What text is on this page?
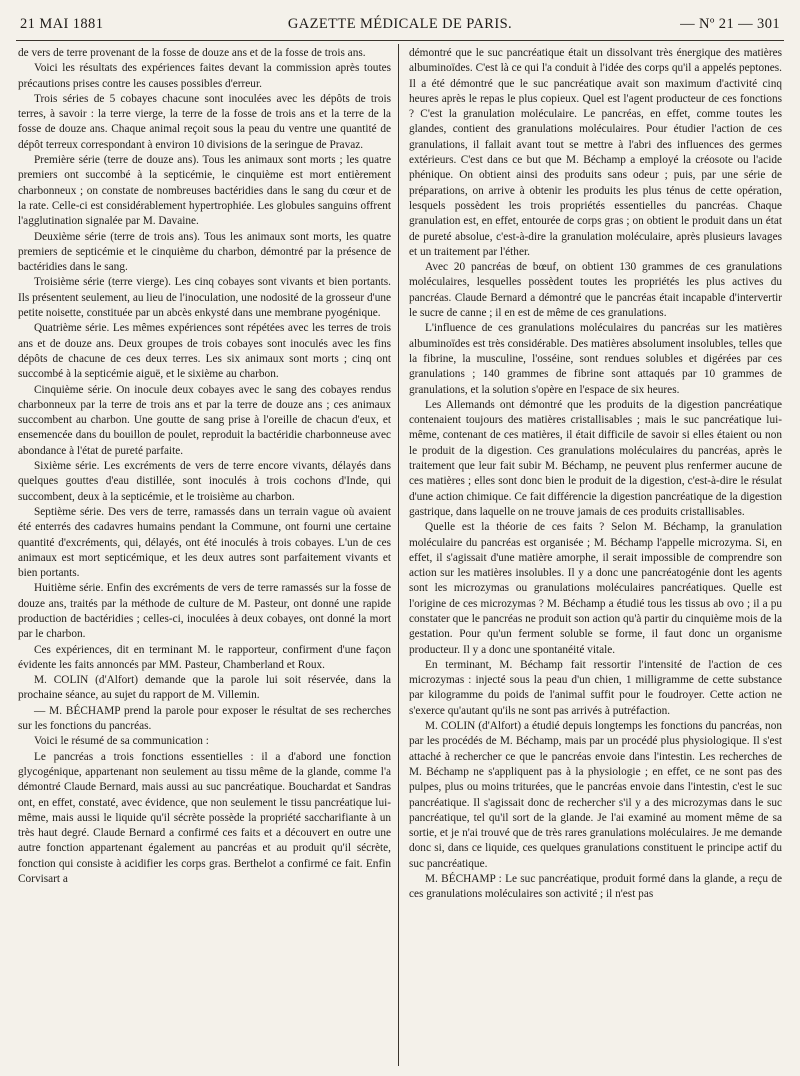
21 MAI 1881	GAZETTE MÉDICALE DE PARIS.	— Nº 21 — 301

de vers de terre provenant de la fosse de douze ans et de la fosse de trois ans.

Voici les résultats des expériences faites devant la commission après toutes précautions prises contre les causes possibles d'erreur.

Trois séries de 5 cobayes chacune sont inoculées avec les dépôts de trois terres, à savoir : la terre vierge, la terre de la fosse de trois ans et la terre de la fosse de douze ans. Chaque animal reçoit sous la peau du ventre une quantité de dépôt terreux correspondant à environ 10 divisions de la seringue de Pravaz.

Première série (terre de douze ans). Tous les animaux sont morts ; les quatre premiers ont succombé à la septicémie, le cinquième est mort entièrement charbonneux ; on constate de nombreuses bactéridies dans le sang du cœur et de la rate. Celle-ci est considérablement hypertrophiée. Les globules sanguins offrent l'agglutination signalée par M. Davaine.

Deuxième série (terre de trois ans). Tous les animaux sont morts, les quatre premiers de septicémie et le cinquième du charbon, démontré par la présence de bactéridies dans le sang.

Troisième série (terre vierge). Les cinq cobayes sont vivants et bien portants. Ils présentent seulement, au lieu de l'inoculation, une nodosité de la grosseur d'une petite noisette, constituée par un abcès enkysté dans une membrane pyogénique.

Quatrième série. Les mêmes expériences sont répétées avec les terres de trois ans et de douze ans. Deux groupes de trois cobayes sont inoculés avec les fins dépôts de chacune de ces deux terres. Les six animaux sont morts ; cinq ont succombé à la septicémie aiguë, et le sixième au charbon.

Cinquième série. On inocule deux cobayes avec le sang des cobayes rendus charbonneux par la terre de trois ans et par la terre de douze ans ; ces animaux succombent au charbon. Une goutte de sang prise à l'oreille de chacun d'eux, et ensemencée dans du bouillon de poulet, reproduit la bactéridie charbonneuse avec abondance à l'état de pureté parfaite.

Sixième série. Les excréments de vers de terre encore vivants, délayés dans quelques gouttes d'eau distillée, sont inoculés à trois cochons d'Inde, qui succombent, deux à la septicémie, et le troisième au charbon.

Septième série. Des vers de terre, ramassés dans un terrain vague où avaient été enterrés des cadavres humains pendant la Commune, ont fourni une certaine quantité d'excréments, qui, délayés, ont été inoculés à trois cobayes. L'un de ces animaux est mort septicémique, et les deux autres sont parfaitement vivants et bien portants.

Huitième série. Enfin des excréments de vers de terre ramassés sur la fosse de douze ans, traités par la méthode de culture de M. Pasteur, ont donné une rapide production de bactéridies ; celles-ci, inoculées à deux cobayes, ont donné la mort par le charbon.

Ces expériences, dit en terminant M. le rapporteur, confirment d'une façon évidente les faits annoncés par MM. Pasteur, Chamberland et Roux.

M. COLIN (d'Alfort) demande que la parole lui soit réservée, dans la prochaine séance, au sujet du rapport de M. Villemin.

— M. BÉCHAMP prend la parole pour exposer le résultat de ses recherches sur les fonctions du pancréas.

Voici le résumé de sa communication :

Le pancréas a trois fonctions essentielles : il a d'abord une fonction glycogénique, appartenant non seulement au tissu même de la glande, comme l'a démontré Claude Bernard, mais aussi au suc pancréatique. Bouchardat et Sandras ont, en effet, constaté, avec évidence, que non seulement le tissu pancréatique lui-même, mais aussi le liquide qu'il sécrète possède la propriété saccharifiante à un très haut degré. Claude Bernard a confirmé ces faits et a découvert en outre une autre fonction appartenant également au pancréas et au produit qu'il sécrète, fonction qui consiste à acidifier les corps gras. Berthelot a confirmé ce fait. Enfin Corvisart a

démontré que le suc pancréatique était un dissolvant très énergique des matières albuminoïdes. C'est là ce qui l'a conduit à l'idée des corps qu'il a appelés peptones. Il a été démontré que le suc pancréatique avait son maximum d'activité cinq heures après le repas le plus copieux. Quel est l'agent producteur de ces fonctions ? C'est la granulation moléculaire. Le pancréas, en effet, comme toutes les glandes, contient des granulations moléculaires. Pour étudier l'action de ces granulations, il fallait avant tout se mettre à l'abri des influences des germes extérieurs. C'est dans ce but que M. Béchamp a employé la créosote ou l'acide phénique. On obtient ainsi des produits sans odeur ; puis, par une série de préparations, on arrive à obtenir les produits les plus ténus de cette opération, lesquels possèdent les trois propriétés essentielles du pancréas. Chaque granulation est, en effet, entourée de corps gras ; on obtient le produit dans un état de pureté absolue, c'est-à-dire la granulation moléculaire, après plusieurs lavages et un traitement par l'éther.

Avec 20 pancréas de bœuf, on obtient 130 grammes de ces granulations moléculaires, lesquelles possèdent toutes les propriétés les plus actives du pancréas. Claude Bernard a démontré que le pancréas était incapable d'intervertir le sucre de canne ; il en est de même de ces granulations.

L'influence de ces granulations moléculaires du pancréas sur les matières albuminoïdes est très considérable. Des matières absolument insolubles, telles que la fibrine, la musculine, l'osséine, sont rendues solubles et digérées par ces granulations ; 140 grammes de fibrine sont attaqués par 10 grammes de granulations, et la solution s'opère en l'espace de six heures.

Les Allemands ont démontré que les produits de la digestion pancréatique contenaient toujours des matières cristallisables ; mais le suc pancréatique lui-même, contenant de ces matières, il était difficile de savoir si elles étaient ou non le produit de la digestion. Ces granulations moléculaires du pancréas, après le traitement que leur fait subir M. Béchamp, ne peuvent plus renfermer aucune de ces matières ; elles sont donc bien le produit de la digestion, c'est-à-dire le résulat d'une action chimique. Ce fait différencie la digestion pancréatique de la digestion gastrique, dans laquelle on ne trouve jamais de ces produits cristallisables.

Quelle est la théorie de ces faits ? Selon M. Béchamp, la granulation moléculaire du pancréas est organisée ; M. Béchamp l'appelle microzyma. Si, en effet, il s'agissait d'une matière amorphe, il serait impossible de comprendre son action sur les matières insolubles. Il y a donc une pancréatogénie dont les agents sont les microzymas ou granulations moléculaires pancréatiques. Quelle est l'origine de ces microzymas ? M. Béchamp a étudié tous les tissus ab ovo ; il a pu constater que le pancréas ne produit son action qu'à partir du cinquième mois de la gestation. Pour qu'un ferment soluble se forme, il faut donc un organisme producteur. Il y a donc une spontanéité vitale.

En terminant, M. Béchamp fait ressortir l'intensité de l'action de ces microzymas : injecté sous la peau d'un chien, 1 milligramme de cette substance par kilogramme du poids de l'animal suffit pour le foudroyer. Cette action ne s'exerce qu'autant qu'ils ne sont pas arrivés à putréfaction.

M. COLIN (d'Alfort) a étudié depuis longtemps les fonctions du pancréas, non par les procédés de M. Béchamp, mais par un procédé plus physiologique. Il s'est attaché à rechercher ce que le pancréas envoie dans l'intestin. Les recherches de M. Béchamp ne s'appliquent pas à la physiologie ; en effet, ce ne sont pas des pulpes, plus ou moins triturées, que le pancréas envoie dans l'intestin, c'est le suc pancréatique. Il s'agissait donc de rechercher s'il y a des microzymas dans le suc pancréatique, tel qu'il sort de la glande. Je l'ai examiné au moment même de sa sortie, et je n'ai trouvé que de très rares granulations moléculaires. Je me demande donc si, dans ce liquide, ces quelques granulations constituent le principe actif du suc pancréatique.

M. BÉCHAMP : Le suc pancréatique, produit formé dans la glande, a reçu de ces granulations moléculaires son activité ; il n'est pas
